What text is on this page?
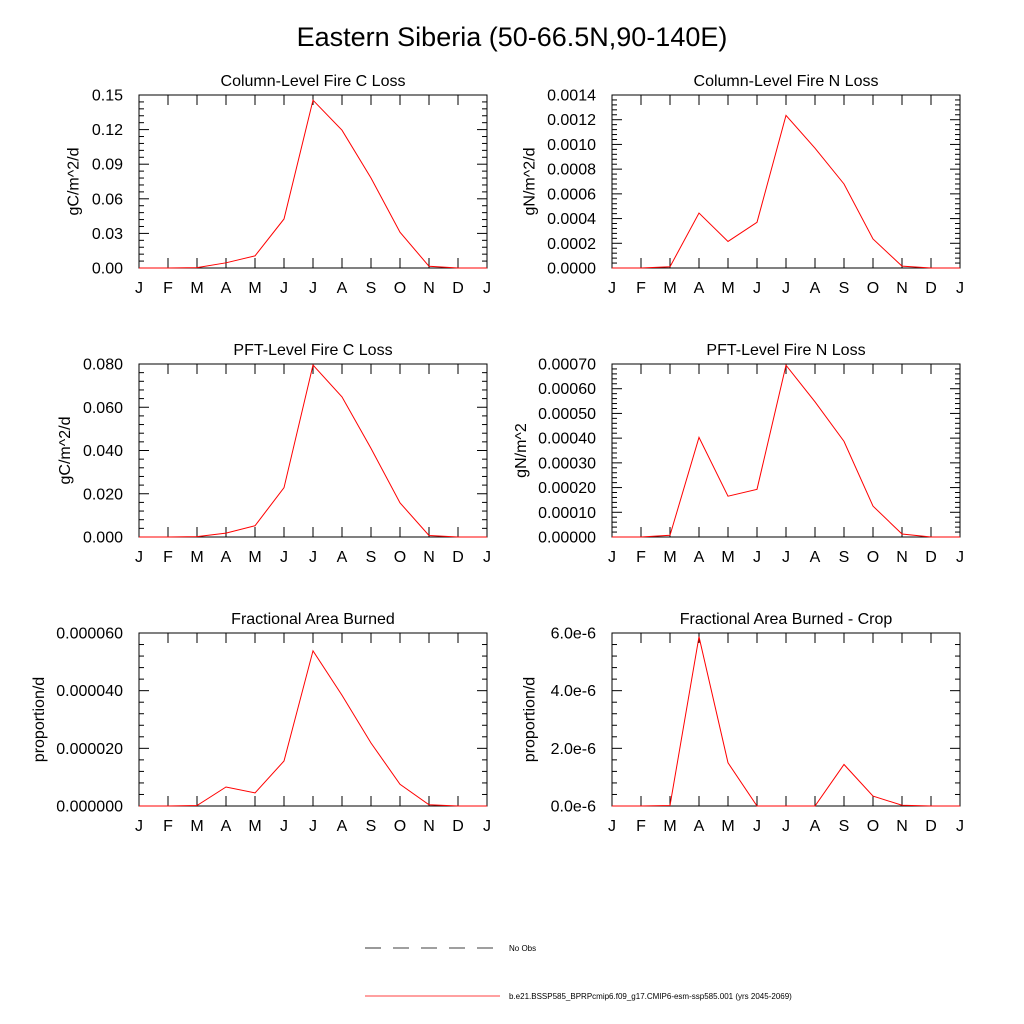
Eastern Siberia (50-66.5N,90-140E)
Column-Level Fire C Loss
gC/m^2/d
J F M A M J J A S O N D J
0.00
0.03
0.06
0.09
0.12
0.15
Column-Level Fire N Loss
gN/m^2/d
J F M A M J J A S O N D J
0.0000
0.0002
0.0004
0.0006
0.0008
0.0010
0.0012
0.0014
PFT-Level Fire C Loss
gC/m^2/d
J F M A M J J A S O N D J
0.000
0.020
0.040
0.060
0.080
PFT-Level Fire N Loss
gN/m^2
J F M A M J J A S O N D J
0.00000
0.00010
0.00020
0.00030
0.00040
0.00050
0.00060
0.00070
Fractional Area Burned
proportion/d
J F M A M J J A S O N D J
0.000000
0.000020
0.000040
0.000060
Fractional Area Burned - Crop
proportion/d
J F M A M J J A S O N D J
0.0e-6
2.0e-6
4.0e-6
6.0e-6
No Obs
b.e21.BSSP585_BPRPcmip6.f09_g17.CMIP6-esm-ssp585.001 (yrs 2045-2069)
